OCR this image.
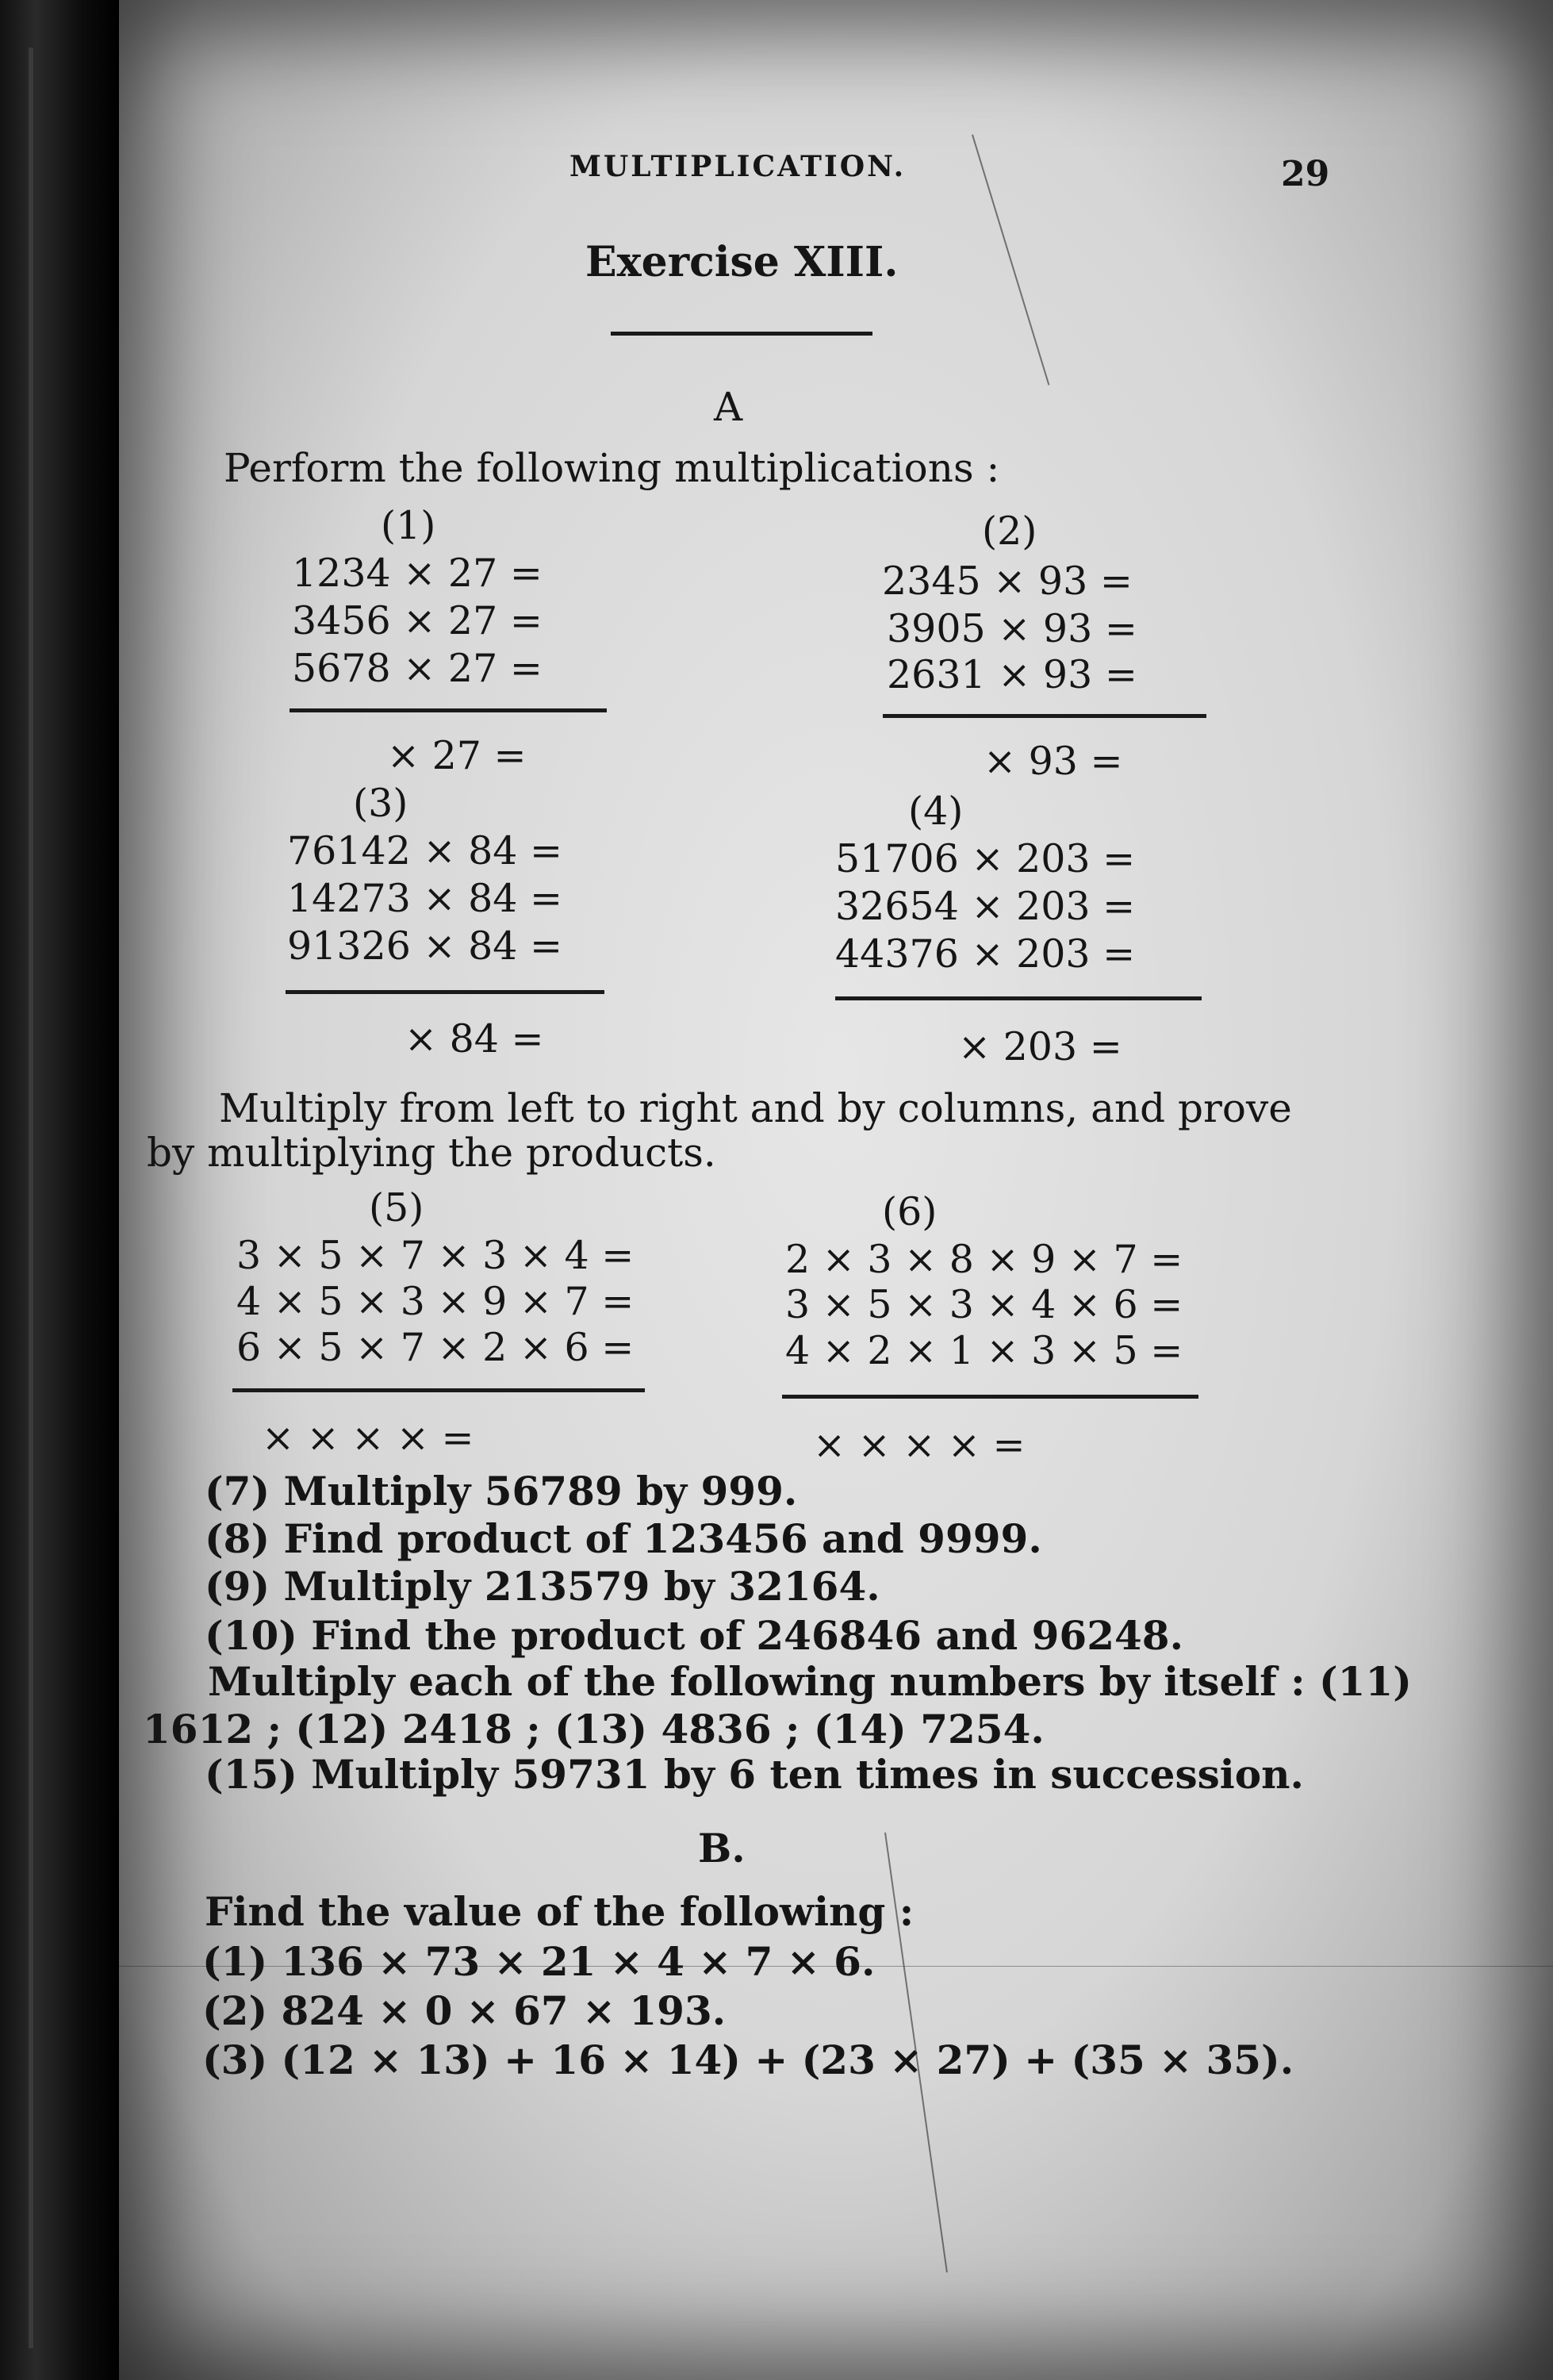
MULTIPLICATION.	29
Exercise XIII.
A
Perform the following multiplications :
(1)
1234 × 27 =
3456 × 27 =
5678 × 27 =
× 27 =
(2)
2345 × 93 =
3905 × 93 =
2631 × 93 =
× 93 =
(3)
76142 × 84 =
14273 × 84 =
91326 × 84 =
× 84 =
(4)
51706 × 203 =
32654 × 203 =
44376 × 203 =
× 203 =
Multiply from left to right and by columns, and prove
by multiplying the products.
(5)
3 × 5 × 7 × 3 × 4 =
4 × 5 × 3 × 9 × 7 =
6 × 5 × 7 × 2 × 6 =
× × × × =
(6)
2 × 3 × 8 × 9 × 7 =
3 × 5 × 3 × 4 × 6 =
4 × 2 × 1 × 3 × 5 =
× × × × =
(7) Multiply 56789 by 999.
(8) Find product of 123456 and 9999.
(9) Multiply 213579 by 32164.
(10) Find the product of 246846 and 96248.
Multiply each of the following numbers by itself : (11)
1612 ; (12) 2418 ; (13) 4836 ; (14) 7254.
(15) Multiply 59731 by 6 ten times in succession.
B.
Find the value of the following :
(1) 136 × 73 × 21 × 4 × 7 × 6.
(2) 824 × 0 × 67 × 193.
(3) (12 × 13) + 16 × 14) + (23 × 27) + (35 × 35).
